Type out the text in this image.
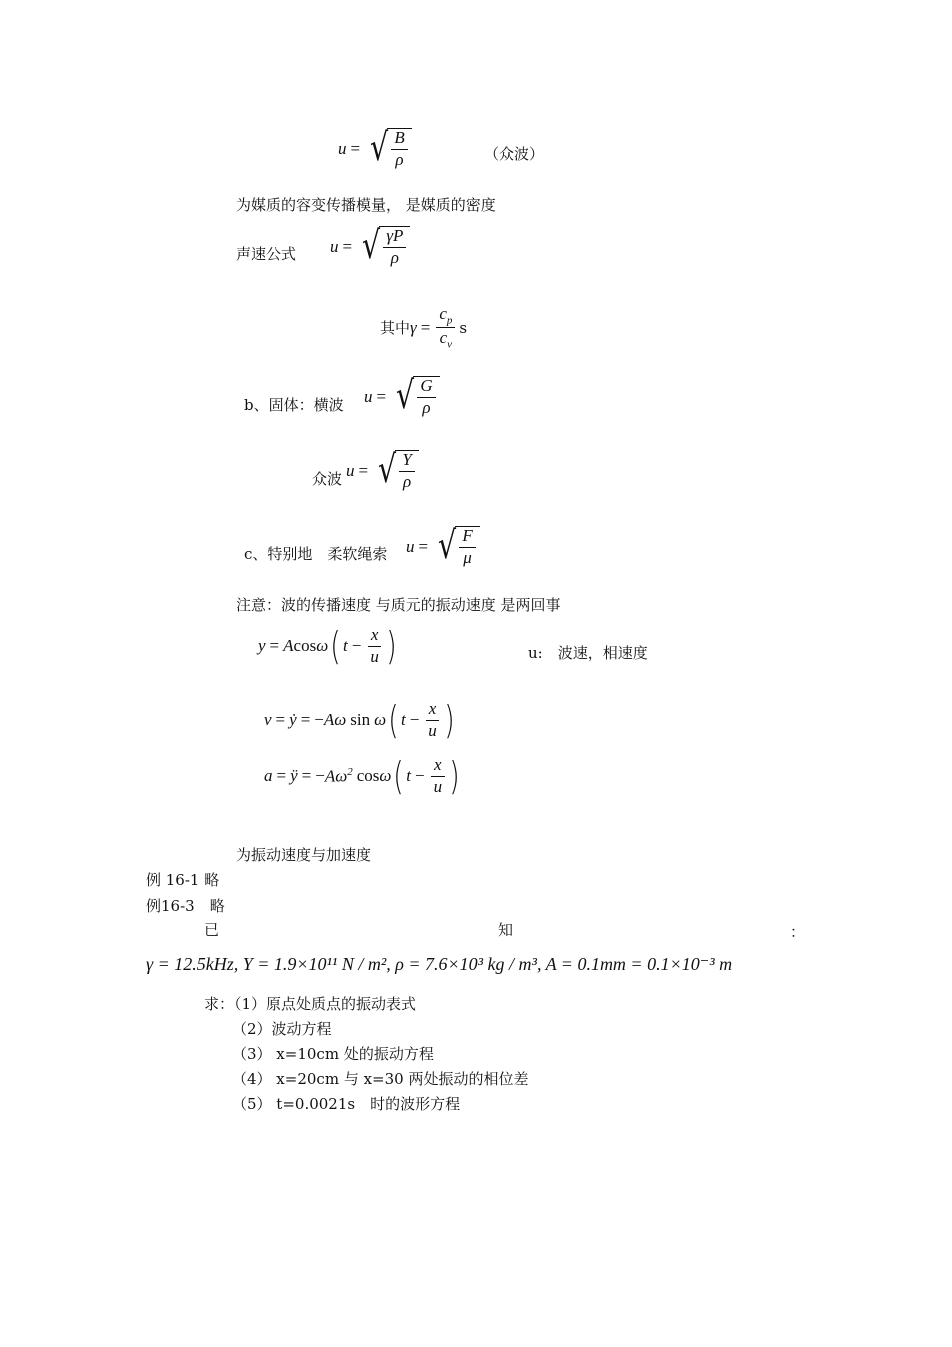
u = √ $\frac{B}{\rho}$	（众波）
为媒质的容变传播模量， 是媒质的密度
声速公式 u = √ $\frac{\gamma P}{\rho}$
其中 $\gamma = \frac{c_p}{c_v}$ s
b、固体：横波 u = √ $\frac{G}{\rho}$
众波 u = √ $\frac{Y}{\rho}$
c、特别地　柔软绳索 u = √ $\frac{F}{\mu}$
注意：波的传播速度 与质元的振动速度 是两回事
y = A cos ω ( $t - \frac{x}{u}$ )	u:　波速，相速度
v = ẏ = − Aω sin ω ( $t - \frac{x}{u}$ )
a = ÿ = − $A\omega^2$ cos ω ( $t - \frac{x}{u}$ )
为振动速度与加速度
例 16-1 略
例16-3　略
已	知	：
γ = 12.5kHz, Y = 1.9×10¹¹ N / m², ρ = 7.6×10³ kg / m³, A = 0.1mm = 0.1×10⁻³ m
求：（1）原点处质点的振动表式
（2）波动方程
（3） x=10cm 处的振动方程
（4） x=20cm 与 x=30 两处振动的相位差
（5） t=0.0021s　时的波形方程
